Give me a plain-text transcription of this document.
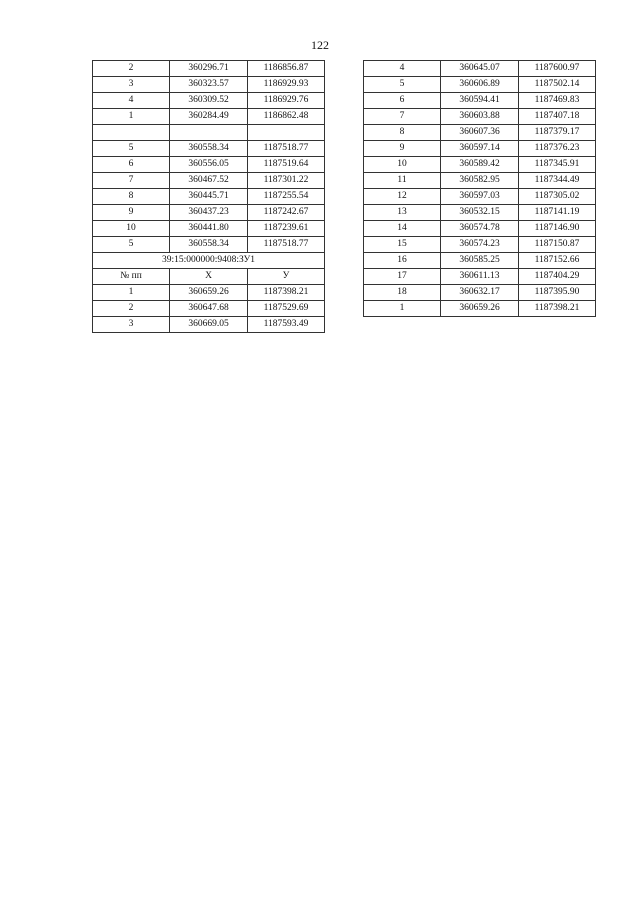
122
2	360296.71	1186856.87
3	360323.57	1186929.93
4	360309.52	1186929.76
1	360284.49	1186862.48

5	360558.34	1187518.77
6	360556.05	1187519.64
7	360467.52	1187301.22
8	360445.71	1187255.54
9	360437.23	1187242.67
10	360441.80	1187239.61
5	360558.34	1187518.77
39:15:000000:9408:ЗУ1		
№ пп	X	У
1	360659.26	1187398.21
2	360647.68	1187529.69
3	360669.05	1187593.49
4	360645.07	1187600.97
5	360606.89	1187502.14
6	360594.41	1187469.83
7	360603.88	1187407.18
8	360607.36	1187379.17
9	360597.14	1187376.23
10	360589.42	1187345.91
11	360582.95	1187344.49
12	360597.03	1187305.02
13	360532.15	1187141.19
14	360574.78	1187146.90
15	360574.23	1187150.87
16	360585.25	1187152.66
17	360611.13	1187404.29
18	360632.17	1187395.90
1	360659.26	1187398.21
